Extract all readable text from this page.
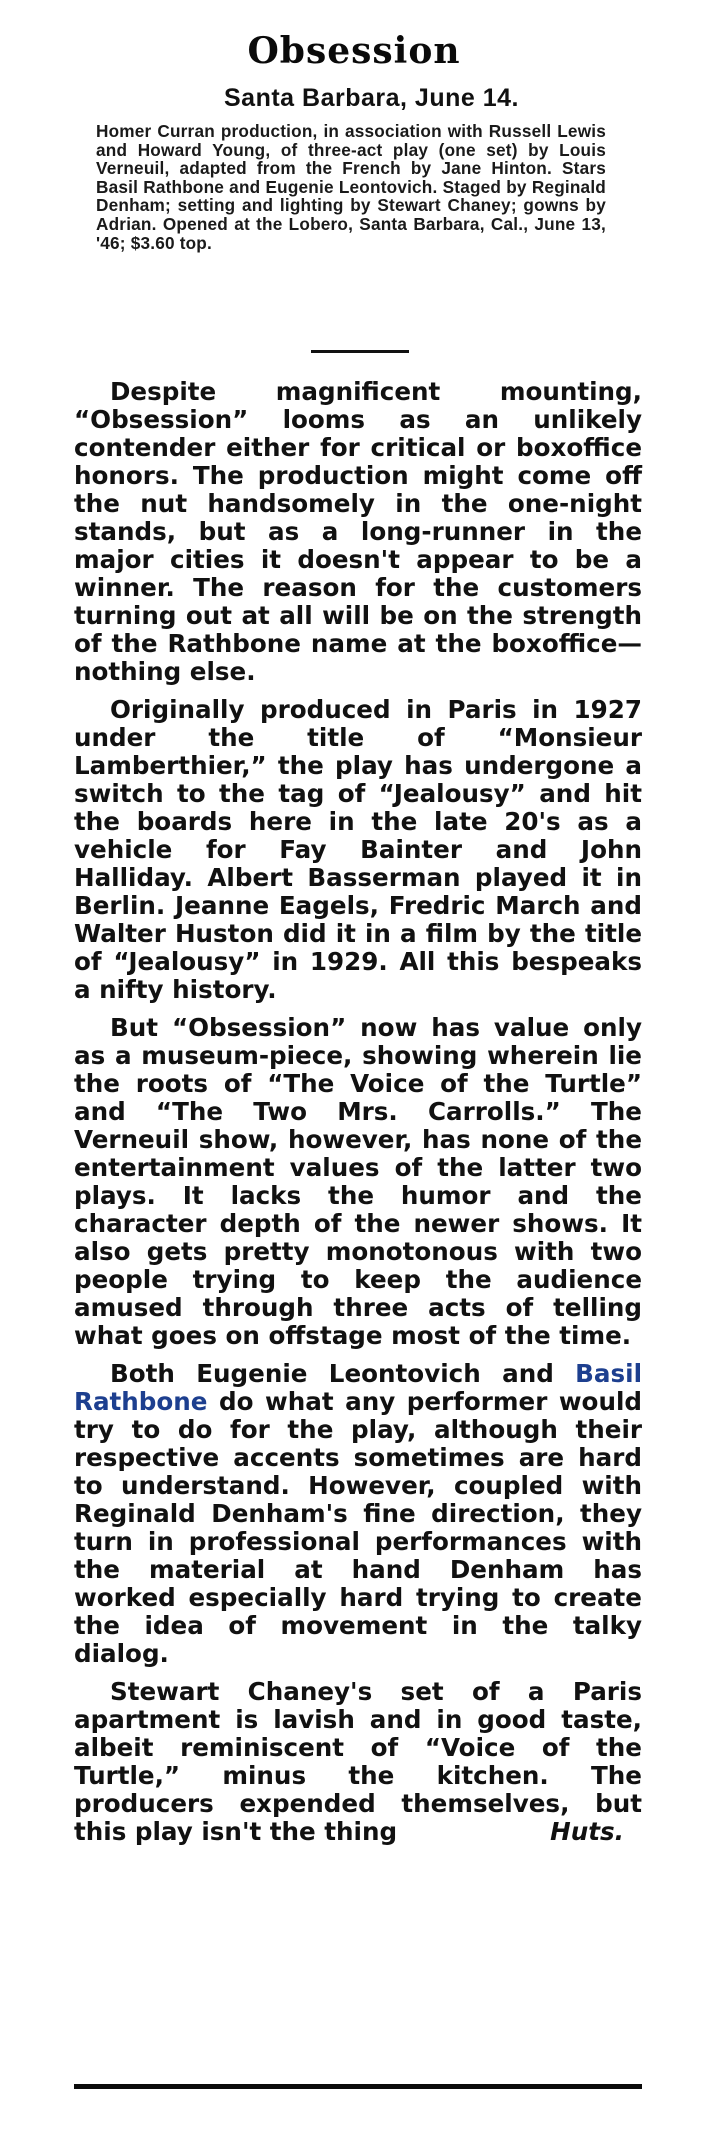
Obsession
Santa Barbara, June 14.
Homer Curran production, in association with Russell Lewis and Howard Young, of three-act play (one set) by Louis Verneuil, adapted from the French by Jane Hinton. Stars Basil Rathbone and Eugenie Leontovich. Staged by Reginald Denham; setting and lighting by Stewart Chaney; gowns by Adrian. Opened at the Lobero, Santa Barbara, Cal., June 13, '46; $3.60 top.

Despite magnificent mounting, “Obsession” looms as an unlikely contender either for critical or boxoffice honors. The production might come off the nut handsomely in the one-night stands, but as a long-runner in the major cities it doesn't appear to be a winner. The reason for the customers turning out at all will be on the strength of the Rathbone name at the boxoffice—nothing else.

Originally produced in Paris in 1927 under the title of “Monsieur Lamberthier,” the play has undergone a switch to the tag of “Jealousy” and hit the boards here in the late 20's as a vehicle for Fay Bainter and John Halliday. Albert Basserman played it in Berlin. Jeanne Eagels, Fredric March and Walter Huston did it in a film by the title of “Jealousy” in 1929. All this bespeaks a nifty history.

But “Obsession” now has value only as a museum-piece, showing wherein lie the roots of “The Voice of the Turtle” and “The Two Mrs. Carrolls.” The Verneuil show, however, has none of the entertainment values of the latter two plays. It lacks the humor and the character depth of the newer shows. It also gets pretty monotonous with two people trying to keep the audience amused through three acts of telling what goes on offstage most of the time.

Both Eugenie Leontovich and Basil Rathbone do what any performer would try to do for the play, although their respective accents sometimes are hard to understand. However, coupled with Reginald Denham's fine direction, they turn in professional performances with the material at hand Denham has worked especially hard trying to create the idea of movement in the talky dialog.

Stewart Chaney's set of a Paris apartment is lavish and in good taste, albeit reminiscent of “Voice of the Turtle,” minus the kitchen. The producers expended themselves, but this play isn't the thing	Huts.
